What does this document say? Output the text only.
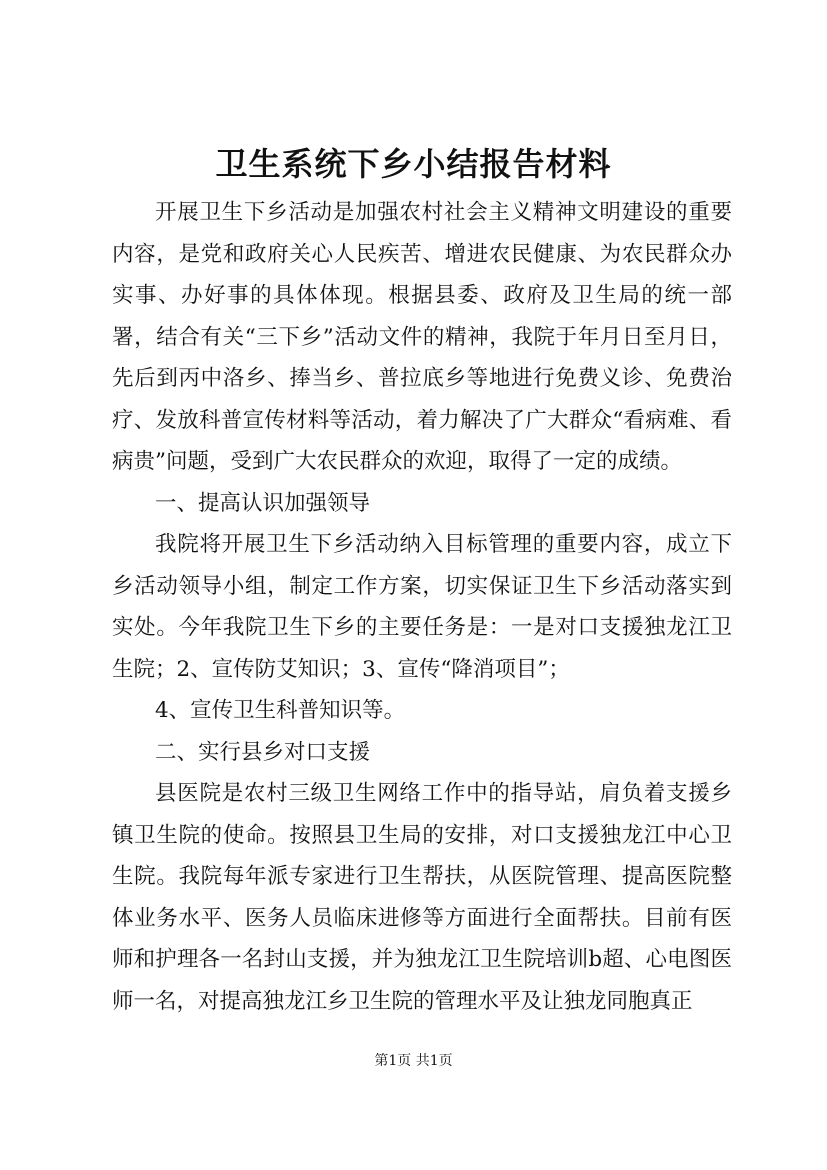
卫生系统下乡小结报告材料

开展卫生下乡活动是加强农村社会主义精神文明建设的重要内容，是党和政府关心人民疾苦、增进农民健康、为农民群众办实事、办好事的具体体现。根据县委、政府及卫生局的统一部署，结合有关“三下乡”活动文件的精神，我院于年月日至月日，先后到丙中洛乡、捧当乡、普拉底乡等地进行免费义诊、免费治疗、发放科普宣传材料等活动，着力解决了广大群众“看病难、看病贵”问题，受到广大农民群众的欢迎，取得了一定的成绩。

一、提高认识加强领导

我院将开展卫生下乡活动纳入目标管理的重要内容，成立下乡活动领导小组，制定工作方案，切实保证卫生下乡活动落实到实处。今年我院卫生下乡的主要任务是：一是对口支援独龙江卫生院；2、宣传防艾知识；3、宣传“降消项目”；

4、宣传卫生科普知识等。

二、实行县乡对口支援

县医院是农村三级卫生网络工作中的指导站，肩负着支援乡镇卫生院的使命。按照县卫生局的安排，对口支援独龙江中心卫生院。我院每年派专家进行卫生帮扶，从医院管理、提高医院整体业务水平、医务人员临床进修等方面进行全面帮扶。目前有医师和护理各一名封山支援，并为独龙江卫生院培训b超、心电图医师一名，对提高独龙江乡卫生院的管理水平及让独龙同胞真正

第1页 共1页
